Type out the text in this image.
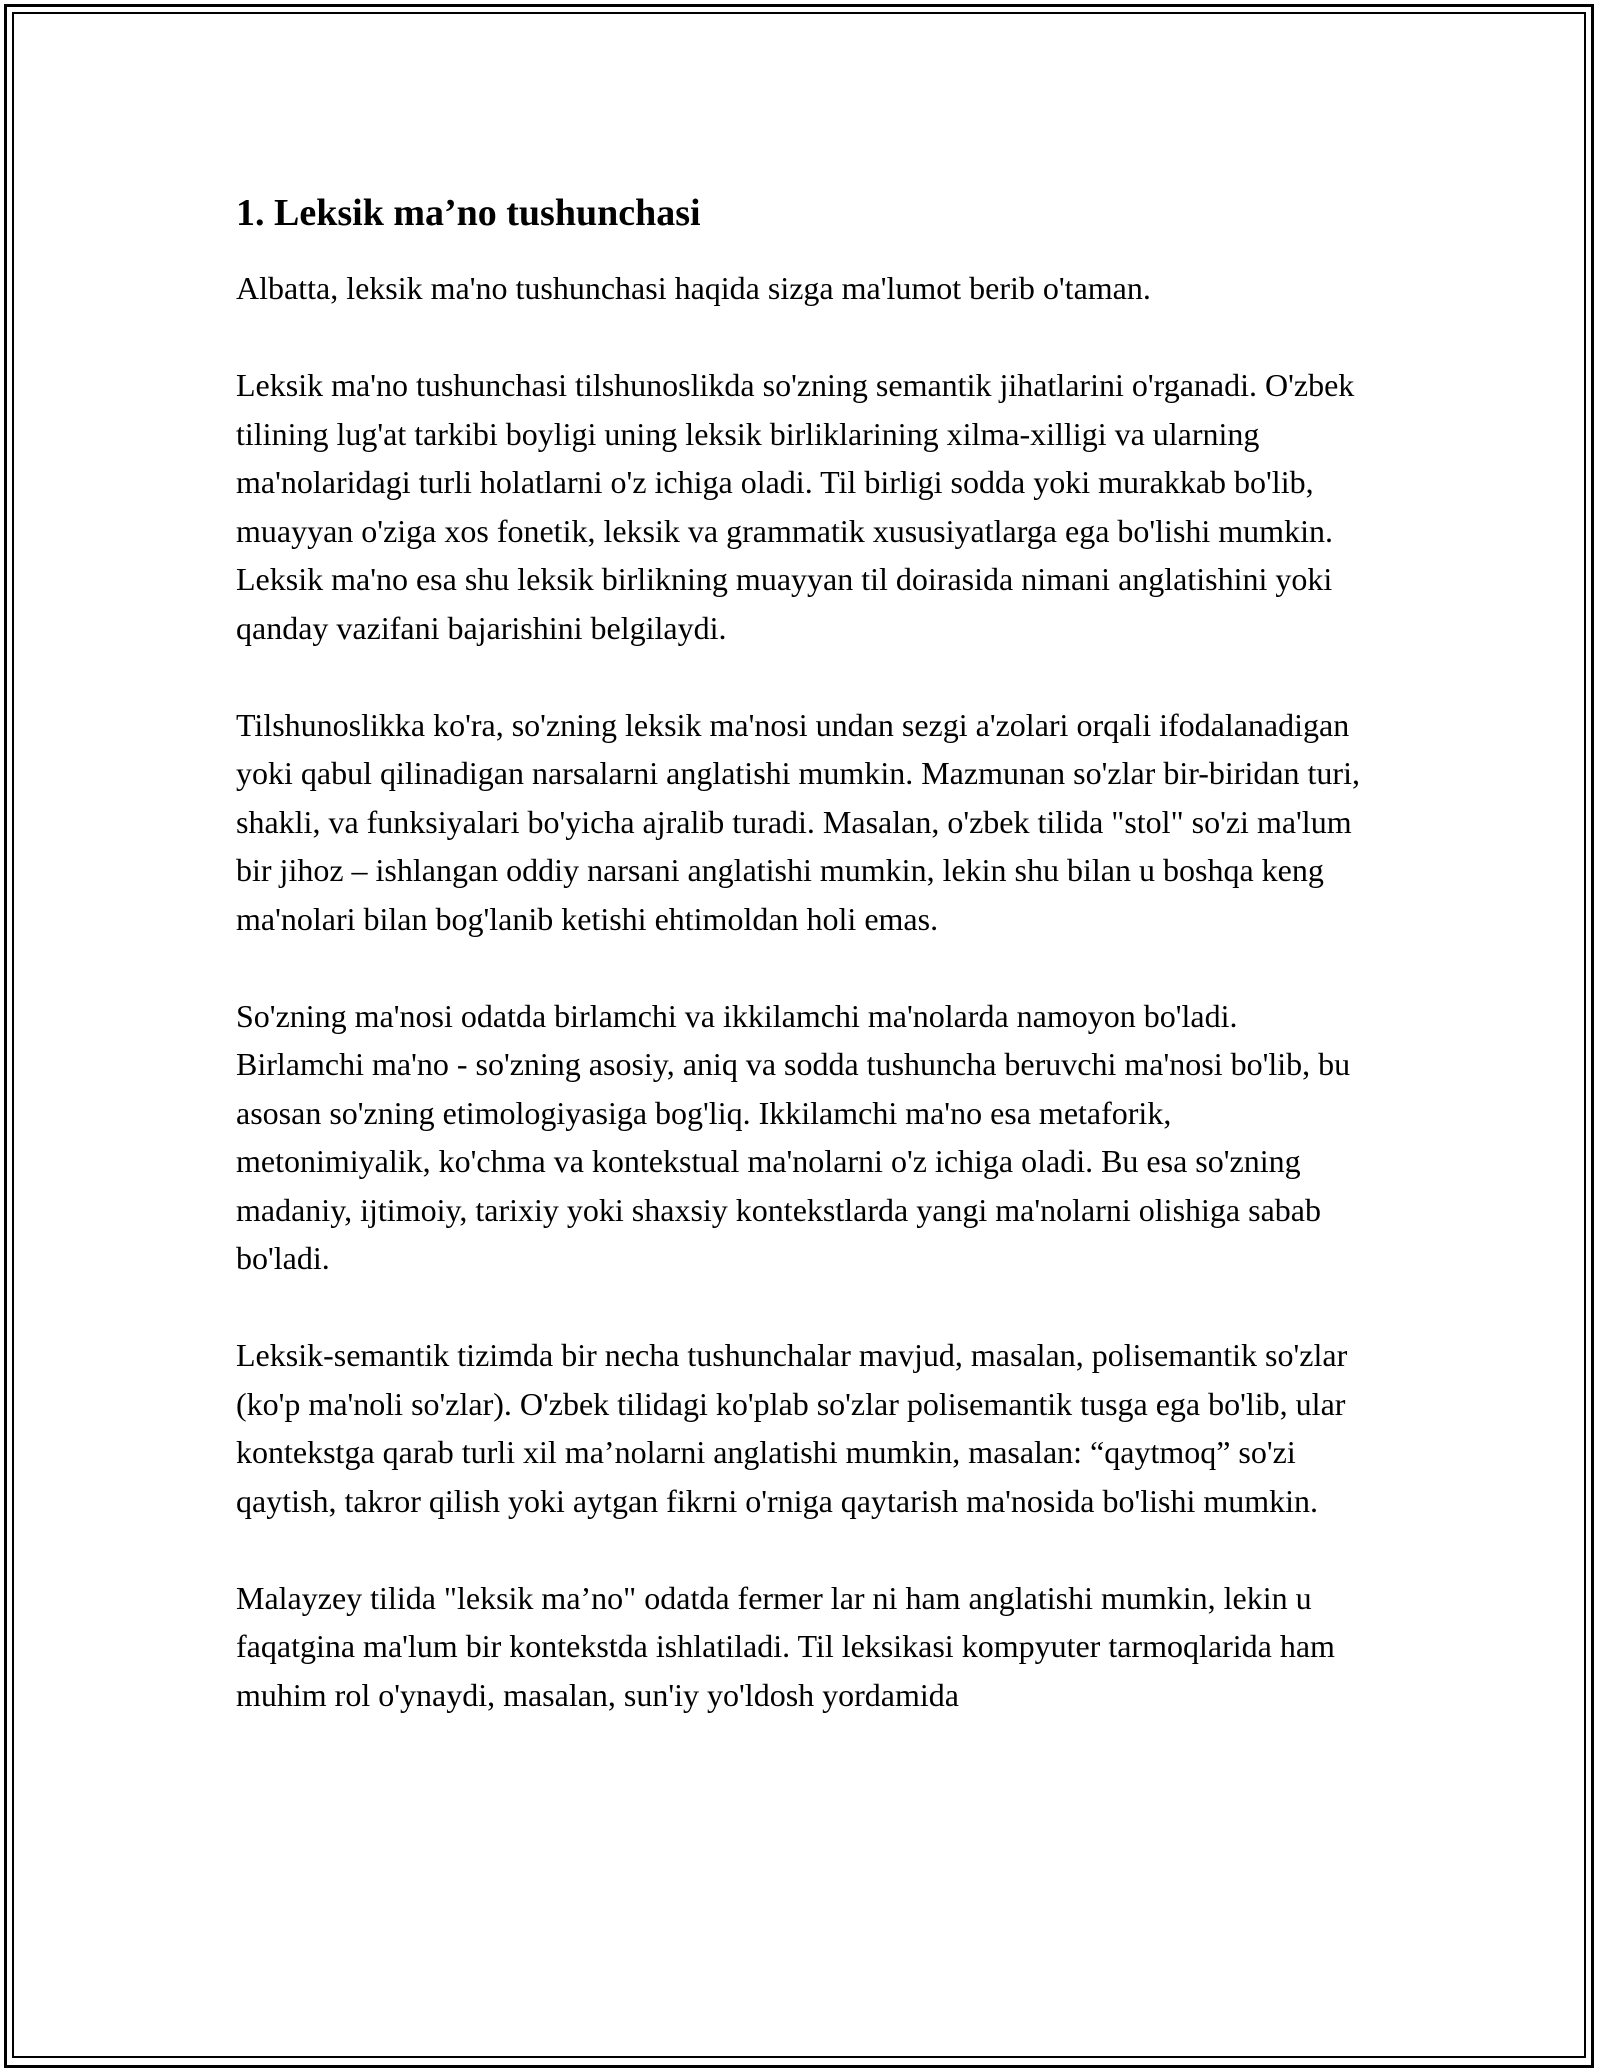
1. Leksik ma’no tushunchasi

Albatta, leksik ma'no tushunchasi haqida sizga ma'lumot berib o'taman.

Leksik ma'no tushunchasi tilshunoslikda so'zning semantik jihatlarini o'rganadi. O'zbek tilining lug'at tarkibi boyligi uning leksik birliklarining xilma-xilligi va ularning ma'nolaridagi turli holatlarni o'z ichiga oladi. Til birligi sodda yoki murakkab bo'lib, muayyan o'ziga xos fonetik, leksik va grammatik xususiyatlarga ega bo'lishi mumkin. Leksik ma'no esa shu leksik birlikning muayyan til doirasida nimani anglatishini yoki qanday vazifani bajarishini belgilaydi.

Tilshunoslikka ko'ra, so'zning leksik ma'nosi undan sezgi a'zolari orqali ifodalanadigan yoki qabul qilinadigan narsalarni anglatishi mumkin. Mazmunan so'zlar bir-biridan turi, shakli, va funksiyalari bo'yicha ajralib turadi. Masalan, o'zbek tilida "stol" so'zi ma'lum bir jihoz – ishlangan oddiy narsani anglatishi mumkin, lekin shu bilan u boshqa keng ma'nolari bilan bog'lanib ketishi ehtimoldan holi emas.

So'zning ma'nosi odatda birlamchi va ikkilamchi ma'nolarda namoyon bo'ladi. Birlamchi ma'no - so'zning asosiy, aniq va sodda tushuncha beruvchi ma'nosi bo'lib, bu asosan so'zning etimologiyasiga bog'liq. Ikkilamchi ma'no esa metaforik, metonimiyalik, ko'chma va kontekstual ma'nolarni o'z ichiga oladi. Bu esa so'zning madaniy, ijtimoiy, tarixiy yoki shaxsiy kontekstlarda yangi ma'nolarni olishiga sabab bo'ladi.

Leksik-semantik tizimda bir necha tushunchalar mavjud, masalan, polisemantik so'zlar (ko'p ma'noli so'zlar). O'zbek tilidagi ko'plab so'zlar polisemantik tusga ega bo'lib, ular kontekstga qarab turli xil ma’nolarni anglatishi mumkin, masalan: “qaytmoq” so'zi qaytish, takror qilish yoki aytgan fikrni o'rniga qaytarish ma'nosida bo'lishi mumkin.

Malayzey tilida "leksik ma’no" odatda fermer lar ni ham anglatishi mumkin, lekin u faqatgina ma'lum bir kontekstda ishlatiladi. Til leksikasi kompyuter tarmoqlarida ham muhim rol o'ynaydi, masalan, sun'iy yo'ldosh yordamida
